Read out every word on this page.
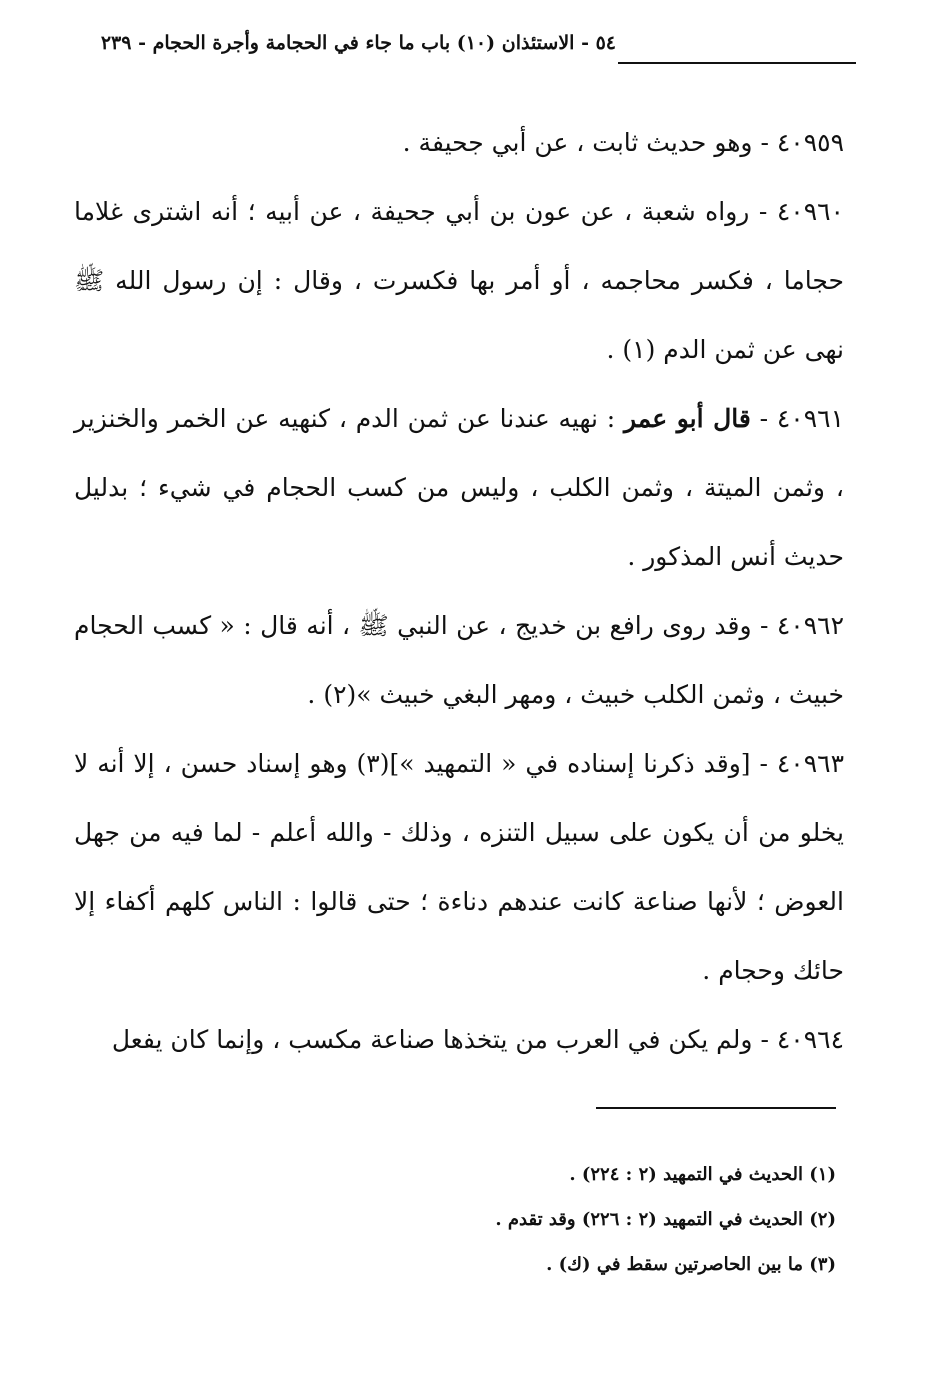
٥٤ - الاستئذان (١٠) باب ما جاء في الحجامة وأجرة الحجام - ٢٣٩

٤٠٩٥٩ - وهو حديث ثابت ، عن أبي جحيفة .

٤٠٩٦٠ - رواه شعبة ، عن عون بن أبي جحيفة ، عن أبيه ؛ أنه اشترى غلاما حجاما ، فكسر محاجمه ، أو أمر بها فكسرت ، وقال : إن رسول الله ﷺ نهى عن ثمن الدم (١) .

٤٠٩٦١ - قال أبو عمر : نهيه عندنا عن ثمن الدم ، كنهيه عن الخمر والخنزير ، وثمن الميتة ، وثمن الكلب ، وليس من كسب الحجام في شيء ؛ بدليل حديث أنس المذكور .

٤٠٩٦٢ - وقد روى رافع بن خديج ، عن النبي ﷺ ، أنه قال : « كسب الحجام خبيث ، وثمن الكلب خبيث ، ومهر البغي خبيث »(٢) .

٤٠٩٦٣ - [وقد ذكرنا إسناده في « التمهيد »](٣) وهو إسناد حسن ، إلا أنه لا يخلو من أن يكون على سبيل التنزه ، وذلك - والله أعلم - لما فيه من جهل العوض ؛ لأنها صناعة كانت عندهم دناءة ؛ حتى قالوا : الناس كلهم أكفاء إلا حائك وحجام .

٤٠٩٦٤ - ولم يكن في العرب من يتخذها صناعة مكسب ، وإنما كان يفعل

(١) الحديث في التمهيد (٢ : ٢٢٤) .

(٢) الحديث في التمهيد (٢ : ٢٢٦) وقد تقدم .

(٣) ما بين الحاصرتين سقط في (ك) .
